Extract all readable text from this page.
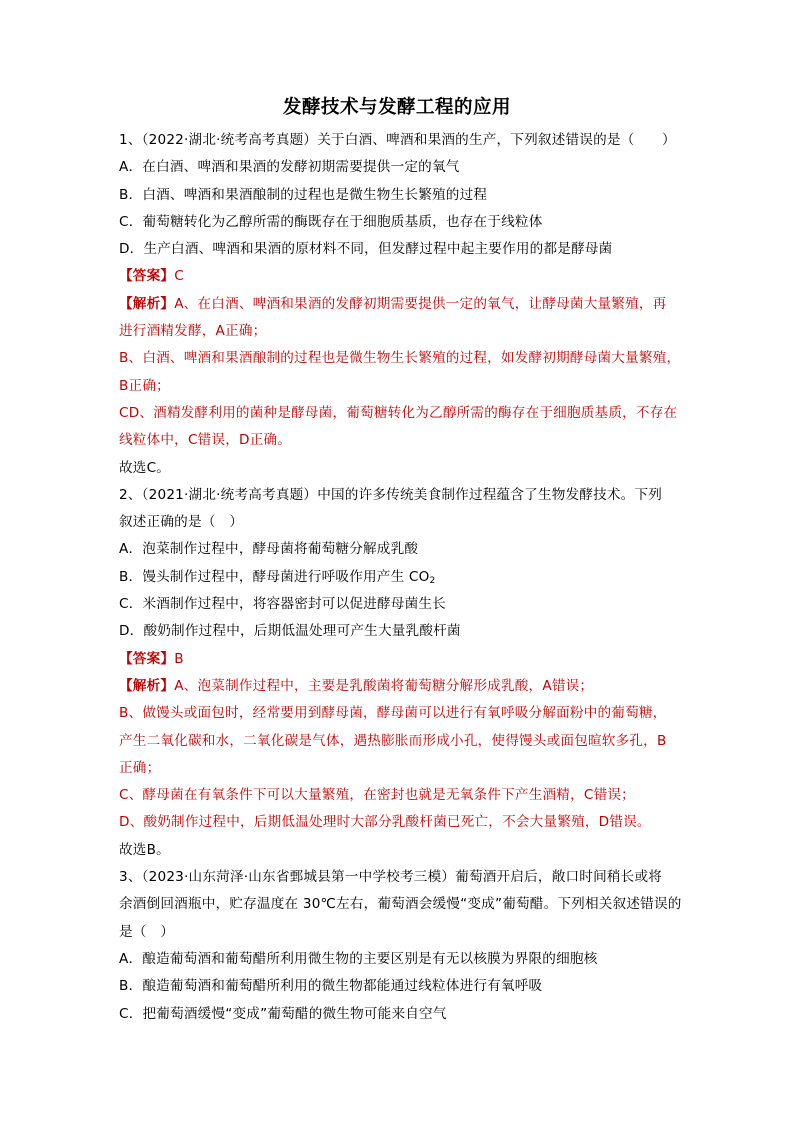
发酵技术与发酵工程的应用
1、（2022·湖北·统考高考真题）关于白酒、啤酒和果酒的生产，下列叙述错误的是（　　）
A．在白酒、啤酒和果酒的发酵初期需要提供一定的氧气
B．白酒、啤酒和果酒酿制的过程也是微生物生长繁殖的过程
C．葡萄糖转化为乙醇所需的酶既存在于细胞质基质，也存在于线粒体
D．生产白酒、啤酒和果酒的原材料不同，但发酵过程中起主要作用的都是酵母菌
【答案】C
【解析】A、在白酒、啤酒和果酒的发酵初期需要提供一定的氧气，让酵母菌大量繁殖，再
进行酒精发酵，A正确；
B、白酒、啤酒和果酒酿制的过程也是微生物生长繁殖的过程，如发酵初期酵母菌大量繁殖，
B正确；
CD、酒精发酵利用的菌种是酵母菌，葡萄糖转化为乙醇所需的酶存在于细胞质基质，不存在
线粒体中，C错误，D正确。
故选C。
2、（2021·湖北·统考高考真题）中国的许多传统美食制作过程蕴含了生物发酵技术。下列
叙述正确的是（　）
A．泡菜制作过程中，酵母菌将葡萄糖分解成乳酸
B．馒头制作过程中，酵母菌进行呼吸作用产生 $CO_2$
C．米酒制作过程中，将容器密封可以促进酵母菌生长
D．酸奶制作过程中，后期低温处理可产生大量乳酸杆菌
【答案】B
【解析】A、泡菜制作过程中，主要是乳酸菌将葡萄糖分解形成乳酸，A错误；
B、做馒头或面包时，经常要用到酵母菌，酵母菌可以进行有氧呼吸分解面粉中的葡萄糖，
产生二氧化碳和水，二氧化碳是气体，遇热膨胀而形成小孔，使得馒头或面包暄软多孔，B
正确；
C、酵母菌在有氧条件下可以大量繁殖，在密封也就是无氧条件下产生酒精，C错误；
D、酸奶制作过程中，后期低温处理时大部分乳酸杆菌已死亡，不会大量繁殖，D错误。
故选B。
3、（2023·山东菏泽·山东省鄄城县第一中学校考三模）葡萄酒开启后，敞口时间稍长或将
余酒倒回酒瓶中，贮存温度在 30℃左右，葡萄酒会缓慢“变成”葡萄醋。下列相关叙述错误的
是（　）
A．酿造葡萄酒和葡萄醋所利用微生物的主要区别是有无以核膜为界限的细胞核
B．酿造葡萄酒和葡萄醋所利用的微生物都能通过线粒体进行有氧呼吸
C．把葡萄酒缓慢“变成”葡萄醋的微生物可能来自空气
